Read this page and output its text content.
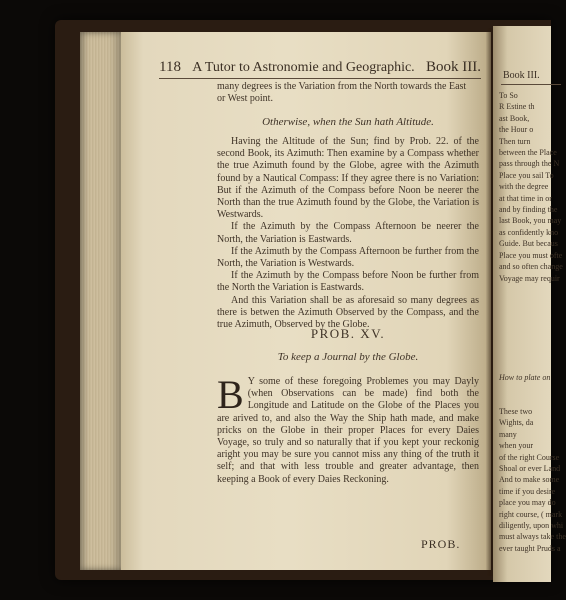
118 A Tutor to Astronomie and Geographic. Book III.
many degrees is the Variation from the North towards the East
or West point.
Otherwise, when the Sun hath Altitude.

Having the Altitude of the Sun; find by Prob. 22. of the second Book, its Azimuth: Then examine by a Compass whether the true Azimuth found by the Globe, agree with the Azimuth found by a Nautical Compass: If they agree there is no Variation: But if the Azimuth of the Compass before Noon be neerer the North than the true Azimuth found by the Globe, the Variation is Westwards.

If the Azimuth by the Compass Afternoon be neerer the North, the Variation is Eastwards.

If the Azimuth by the Compass Afternoon be further from the North, the Variation is Westwards.

If the Azimuth by the Compass before Noon be further from the North the Variation is Eastwards.

And this Variation shall be as aforesaid so many degrees as there is betwen the Azimuth Observed by the Compass, and the true Azimuth, Observed by the Globe.

PROB. XV.
To keep a Journal by the Globe.
B Y some of these foregoing Problemes you may Dayly (when Observations can be made) find both the Longitude and Latitude on the Globe of the Places you are arived to, and also the Way the Ship hath made, and make pricks on the Globe in their proper Places for every Daies Voyage, so truly and so naturally that if you kept your reckonig aright you may be sure you cannot miss any thing of the truth it self; and that with less trouble and greater advantage, then keeping a Book of every Daies Reckoning.
PROB.
Book III.
To So
R Estine th
ast Book,
the Hour o
Then turn
between the Place
pass through the N
Place you sail To
with the degree
at that time in or
and by finding the
last Book, you may
as confidently kno
Guide. But becaus
Place you must ofte
and so often change
Voyage may requir
How to plate on
These two
Wights, da
many
when your
of the right Course
Shoal or ever Land
And to make some
time if you desire
place you may do
right course, ( mark
diligently, upon whi
must always take the
ever taught Pruds a
